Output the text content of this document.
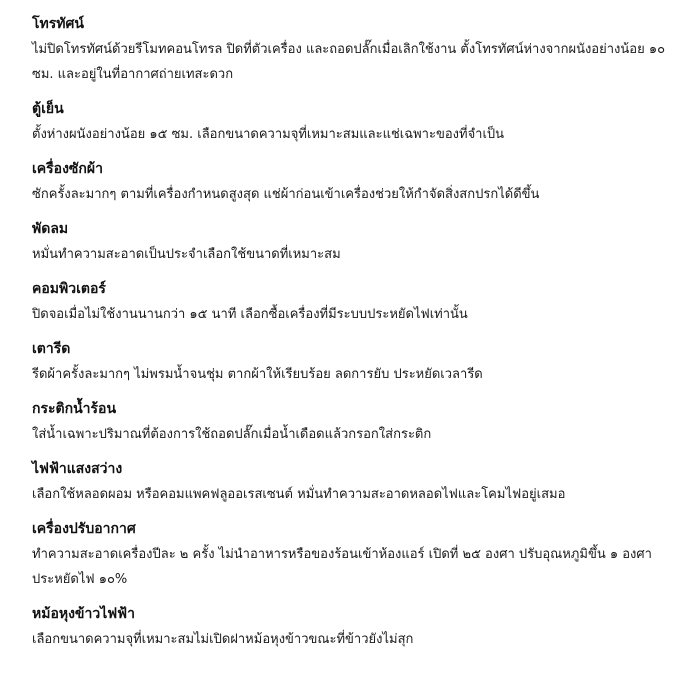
โทรทัศน์

ไม่ปิดโทรทัศน์ด้วยรีโมทคอนโทรล ปิดที่ตัวเครื่อง และถอดปลั๊กเมื่อเลิกใช้งาน ตั้งโทรทัศน์ห่างจากผนังอย่างน้อย ๑๐ ซม. และอยู่ในที่อากาศถ่ายเทสะดวก

ตู้เย็น

ตั้งห่างผนังอย่างน้อย ๑๕ ซม. เลือกขนาดความจุที่เหมาะสมและแช่เฉพาะของที่จำเป็น

เครื่องซักผ้า

ซักครั้งละมากๆ ตามที่เครื่องกำหนดสูงสุด แช่ผ้าก่อนเข้าเครื่องช่วยให้กำจัดสิ่งสกปรกได้ดีขึ้น

พัดลม

หมั่นทำความสะอาดเป็นประจำเลือกใช้ขนาดที่เหมาะสม

คอมพิวเตอร์

ปิดจอเมื่อไม่ใช้งานนานกว่า ๑๕ นาที เลือกซื้อเครื่องที่มีระบบประหยัดไฟเท่านั้น

เตารีด

รีดผ้าครั้งละมากๆ ไม่พรมน้ำจนชุ่ม ตากผ้าให้เรียบร้อย ลดการยับ ประหยัดเวลารีด

กระติกน้ำร้อน

ใส่น้ำเฉพาะปริมาณที่ต้องการใช้ถอดปลั๊กเมื่อน้ำเดือดแล้วกรอกใส่กระติก

ไฟฟ้าแสงสว่าง

เลือกใช้หลอดผอม หรือคอมแพคฟลูออเรสเซนต์ หมั่นทำความสะอาดหลอดไฟและโคมไฟอยู่เสมอ

เครื่องปรับอากาศ

ทำความสะอาดเครื่องปีละ ๒ ครั้ง ไม่นำอาหารหรือของร้อนเข้าห้องแอร์ เปิดที่ ๒๕ องศา ปรับอุณหภูมิขึ้น ๑ องศา ประหยัดไฟ ๑๐%

หม้อหุงข้าวไฟฟ้า

เลือกขนาดความจุที่เหมาะสมไม่เปิดฝาหม้อหุงข้าวขณะที่ข้าวยังไม่สุก
